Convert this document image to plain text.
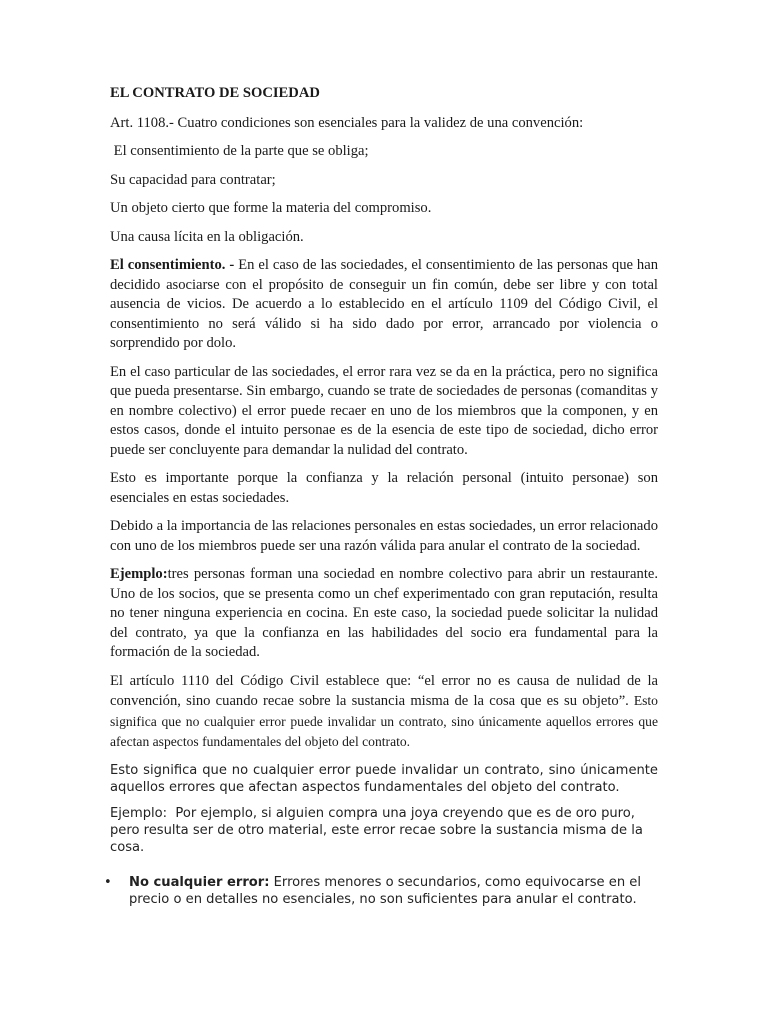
EL CONTRATO DE SOCIEDAD

Art. 1108.- Cuatro condiciones son esenciales para la validez de una convención:

El consentimiento de la parte que se obliga;

Su capacidad para contratar;

Un objeto cierto que forme la materia del compromiso.

Una causa lícita en la obligación.

El consentimiento. - En el caso de las sociedades, el consentimiento de las personas que han decidido asociarse con el propósito de conseguir un fin común, debe ser libre y con total ausencia de vicios. De acuerdo a lo establecido en el artículo 1109 del Código Civil, el consentimiento no será válido si ha sido dado por error, arrancado por violencia o sorprendido por dolo.

En el caso particular de las sociedades, el error rara vez se da en la práctica, pero no significa que pueda presentarse. Sin embargo, cuando se trate de sociedades de personas (comanditas y en nombre colectivo) el error puede recaer en uno de los miembros que la componen, y en estos casos, donde el intuito personae es de la esencia de este tipo de sociedad, dicho error puede ser concluyente para demandar la nulidad del contrato.

Esto es importante porque la confianza y la relación personal (intuito personae) son esenciales en estas sociedades.

Debido a la importancia de las relaciones personales en estas sociedades, un error relacionado con uno de los miembros puede ser una razón válida para anular el contrato de la sociedad.

Ejemplo:tres personas forman una sociedad en nombre colectivo para abrir un restaurante. Uno de los socios, que se presenta como un chef experimentado con gran reputación, resulta no tener ninguna experiencia en cocina. En este caso, la sociedad puede solicitar la nulidad del contrato, ya que la confianza en las habilidades del socio era fundamental para la formación de la sociedad.

El artículo 1110 del Código Civil establece que: “el error no es causa de nulidad de la convención, sino cuando recae sobre la sustancia misma de la cosa que es su objeto”. Esto significa que no cualquier error puede invalidar un contrato, sino únicamente aquellos errores que afectan aspectos fundamentales del objeto del contrato.

Esto significa que no cualquier error puede invalidar un contrato, sino únicamente aquellos errores que afectan aspectos fundamentales del objeto del contrato.

Ejemplo:  Por ejemplo, si alguien compra una joya creyendo que es de oro puro, pero resulta ser de otro material, este error recae sobre la sustancia misma de la cosa.

• No cualquier error: Errores menores o secundarios, como equivocarse en el precio o en detalles no esenciales, no son suficientes para anular el contrato.
